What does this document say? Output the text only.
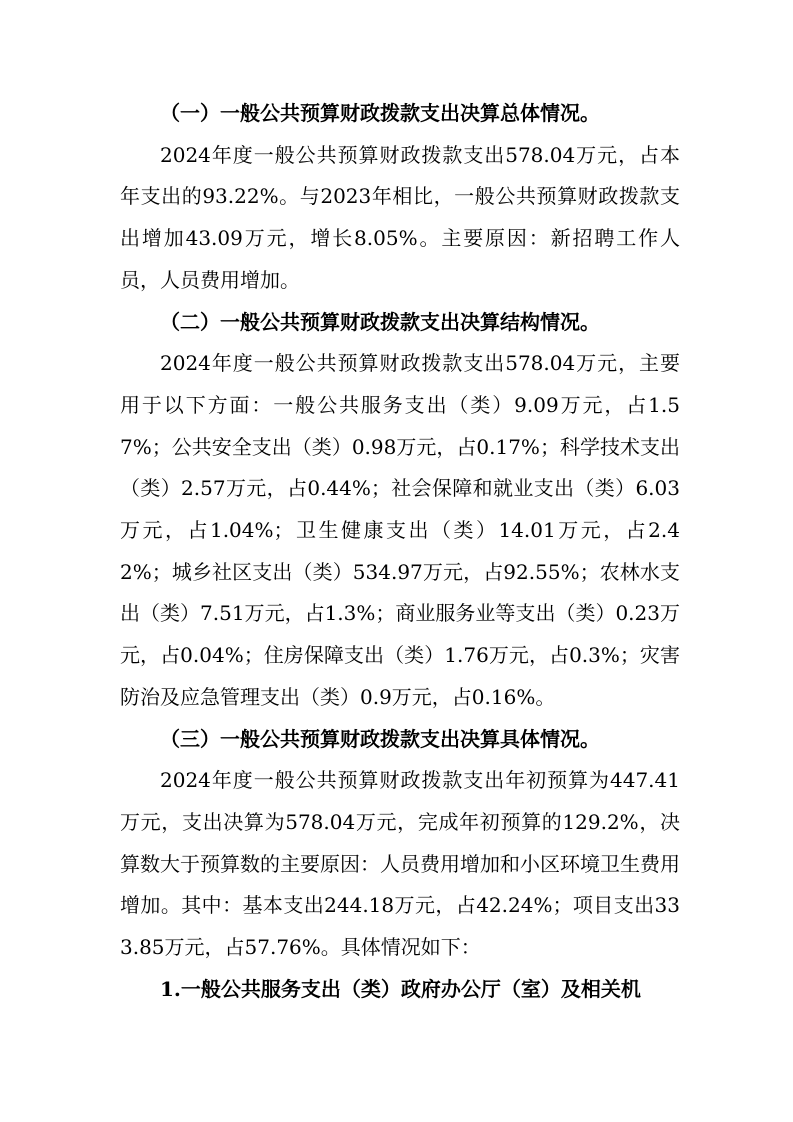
（一）一般公共预算财政拨款支出决算总体情况。

2024年度一般公共预算财政拨款支出578.04万元，占本年支出的93.22%。与2023年相比，一般公共预算财政拨款支出增加43.09万元，增长8.05%。主要原因：新招聘工作人员，人员费用增加。

（二）一般公共预算财政拨款支出决算结构情况。

2024年度一般公共预算财政拨款支出578.04万元，主要用于以下方面：一般公共服务支出（类）9.09万元，占1.57%；公共安全支出（类）0.98万元，占0.17%；科学技术支出（类）2.57万元，占0.44%；社会保障和就业支出（类）6.03万元，占1.04%；卫生健康支出（类）14.01万元，占2.42%；城乡社区支出（类）534.97万元，占92.55%；农林水支出（类）7.51万元，占1.3%；商业服务业等支出（类）0.23万元，占0.04%；住房保障支出（类）1.76万元，占0.3%；灾害防治及应急管理支出（类）0.9万元，占0.16%。

（三）一般公共预算财政拨款支出决算具体情况。

2024年度一般公共预算财政拨款支出年初预算为447.41万元，支出决算为578.04万元，完成年初预算的129.2%，决算数大于预算数的主要原因：人员费用增加和小区环境卫生费用增加。其中：基本支出244.18万元，占42.24%；项目支出333.85万元，占57.76%。具体情况如下：

1.一般公共服务支出（类）政府办公厅（室）及相关机
